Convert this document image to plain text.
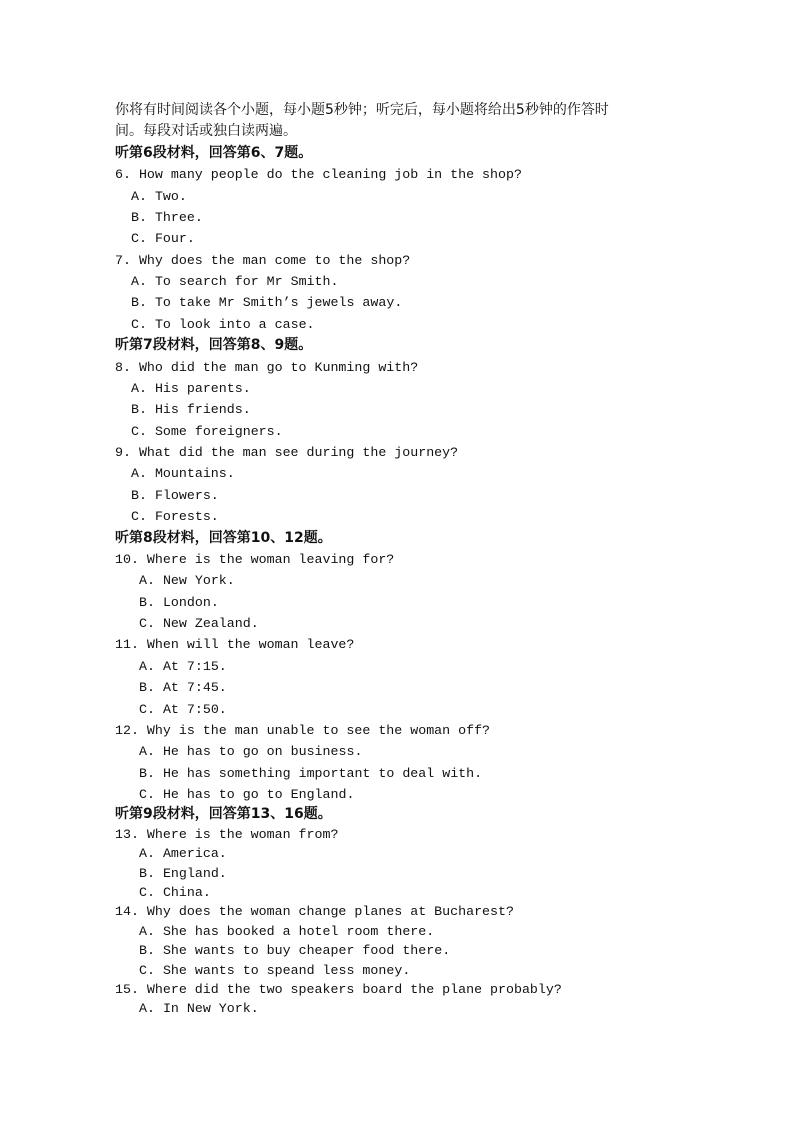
你将有时间阅读各个小题，每小题5秒钟；听完后，每小题将给出5秒钟的作答时
间。每段对话或独白读两遍。
听第6段材料，回答第6、7题。
6. How many people do the cleaning job in the shop?
A. Two.
B. Three.
C. Four.
7. Why does the man come to the shop?
A. To search for Mr Smith.
B. To take Mr Smith’s jewels away.
C. To look into a case.
听第7段材料，回答第8、9题。
8. Who did the man go to Kunming with?
A. His parents.
B. His friends.
C. Some foreigners.
9. What did the man see during the journey?
A. Mountains.
B. Flowers.
C. Forests.
听第8段材料，回答第10、12题。
10. Where is the woman leaving for?
A. New York.
B. London.
C. New Zealand.
11. When will the woman leave?
A. At 7:15.
B. At 7:45.
C. At 7:50.
12. Why is the man unable to see the woman off?
A. He has to go on business.
B. He has something important to deal with.
C. He has to go to England.
听第9段材料，回答第13、16题。
13. Where is the woman from?
A. America.
B. England.
C. China.
14. Why does the woman change planes at Bucharest?
A. She has booked a hotel room there.
B. She wants to buy cheaper food there.
C. She wants to speand less money.
15. Where did the two speakers board the plane probably?
A. In New York.
